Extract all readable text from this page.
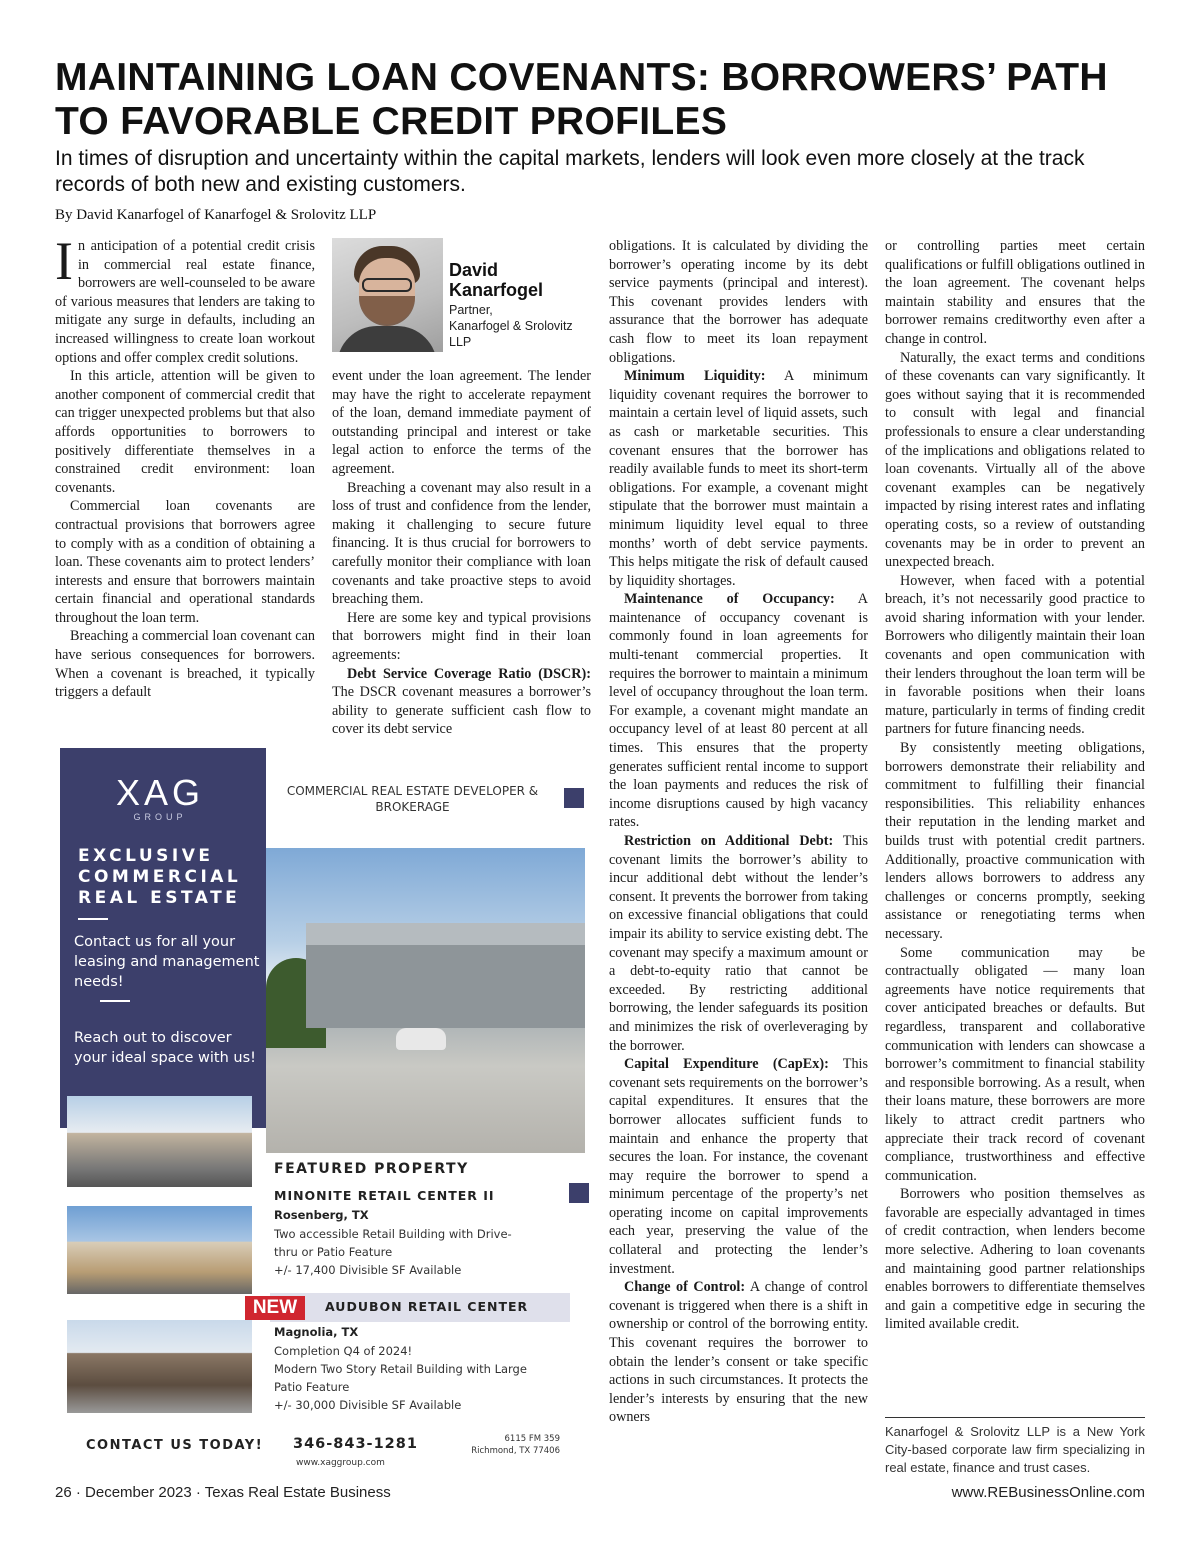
MAINTAINING LOAN COVENANTS: BORROWERS’ PATH
TO FAVORABLE CREDIT PROFILES
In times of disruption and uncertainty within the capital markets, lenders will look even more closely at the track records of both new and existing customers.
By David Kanarfogel of Kanarfogel & Srolovitz LLP

In anticipation of a potential credit crisis in commercial real estate finance, borrowers are well-counseled to be aware of various measures that lenders are taking to mitigate any surge in defaults, including an increased willingness to create loan workout options and offer complex credit solutions.

In this article, attention will be given to another component of commercial credit that can trigger unexpected problems but that also affords opportunities to borrowers to positively differentiate themselves in a constrained credit environment: loan covenants.

Commercial loan covenants are contractual provisions that borrowers agree to comply with as a condition of obtaining a loan. These covenants aim to protect lenders’ interests and ensure that borrowers maintain certain financial and operational standards throughout the loan term.

Breaching a commercial loan covenant can have serious consequences for borrowers. When a covenant is breached, it typically triggers a default

David
Kanarfogel
Partner,
Kanarfogel & Srolovitz LLP

event under the loan agreement. The lender may have the right to accelerate repayment of the loan, demand immediate payment of outstanding principal and interest or take legal action to enforce the terms of the agreement.

Breaching a covenant may also result in a loss of trust and confidence from the lender, making it challenging to secure future financing. It is thus crucial for borrowers to carefully monitor their compliance with loan covenants and take proactive steps to avoid breaching them.

Here are some key and typical provisions that borrowers might find in their loan agreements:

Debt Service Coverage Ratio (DSCR): The DSCR covenant measures a borrower’s ability to generate sufficient cash flow to cover its debt service

obligations. It is calculated by dividing the borrower’s operating income by its debt service payments (principal and interest). This covenant provides lenders with assurance that the borrower has adequate cash flow to meet its loan repayment obligations.

Minimum Liquidity: A minimum liquidity covenant requires the borrower to maintain a certain level of liquid assets, such as cash or marketable securities. This covenant ensures that the borrower has readily available funds to meet its short-term obligations. For example, a covenant might stipulate that the borrower must maintain a minimum liquidity level equal to three months’ worth of debt service payments. This helps mitigate the risk of default caused by liquidity shortages.

Maintenance of Occupancy: A maintenance of occupancy covenant is commonly found in loan agreements for multi-tenant commercial properties. It requires the borrower to maintain a minimum level of occupancy throughout the loan term. For example, a covenant might mandate an occupancy level of at least 80 percent at all times. This ensures that the property generates sufficient rental income to support the loan payments and reduces the risk of income disruptions caused by high vacancy rates.

Restriction on Additional Debt: This covenant limits the borrower’s ability to incur additional debt without the lender’s consent. It prevents the borrower from taking on excessive financial obligations that could impair its ability to service existing debt. The covenant may specify a maximum amount or a debt-to-equity ratio that cannot be exceeded. By restricting additional borrowing, the lender safeguards its position and minimizes the risk of overleveraging by the borrower.

Capital Expenditure (CapEx): This covenant sets requirements on the borrower’s capital expenditures. It ensures that the borrower allocates sufficient funds to maintain and enhance the property that secures the loan. For instance, the covenant may require the borrower to spend a minimum percentage of the property’s net operating income on capital improvements each year, preserving the value of the collateral and protecting the lender’s investment.

Change of Control: A change of control covenant is triggered when there is a shift in ownership or control of the borrowing entity. This covenant requires the borrower to obtain the lender’s consent or take specific actions in such circumstances. It protects the lender’s interests by ensuring that the new owners

or controlling parties meet certain qualifications or fulfill obligations outlined in the loan agreement. The covenant helps maintain stability and ensures that the borrower remains creditworthy even after a change in control.

Naturally, the exact terms and conditions of these covenants can vary significantly. It goes without saying that it is recommended to consult with legal and financial professionals to ensure a clear understanding of the implications and obligations related to loan covenants. Virtually all of the above covenant examples can be negatively impacted by rising interest rates and inflating operating costs, so a review of outstanding covenants may be in order to prevent an unexpected breach.

However, when faced with a potential breach, it’s not necessarily good practice to avoid sharing information with your lender. Borrowers who diligently maintain their loan covenants and open communication with their lenders throughout the loan term will be in favorable positions when their loans mature, particularly in terms of finding credit partners for future financing needs.

By consistently meeting obligations, borrowers demonstrate their reliability and commitment to fulfilling their financial responsibilities. This reliability enhances their reputation in the lending market and builds trust with potential credit partners. Additionally, proactive communication with lenders allows borrowers to address any challenges or concerns promptly, seeking assistance or renegotiating terms when necessary.

Some communication may be contractually obligated — many loan agreements have notice requirements that cover anticipated breaches or defaults. But regardless, transparent and collaborative communication with lenders can showcase a borrower’s commitment to financial stability and responsible borrowing. As a result, when their loans mature, these borrowers are more likely to attract credit partners who appreciate their track record of covenant compliance, trustworthiness and effective communication.

Borrowers who position themselves as favorable are especially advantaged in times of credit contraction, when lenders become more selective. Adhering to loan covenants and maintaining good partner relationships enables borrowers to differentiate themselves and gain a competitive edge in securing the limited available credit.

Kanarfogel & Srolovitz LLP is a New York City-based corporate law firm specializing in real estate, finance and trust cases.
XAG
GROUP
EXCLUSIVE COMMERCIAL REAL ESTATE
Contact us for all your leasing and management needs!
Reach out to discover your ideal space with us!
COMMERCIAL REAL ESTATE DEVELOPER & BROKERAGE
FEATURED PROPERTY
MINONITE RETAIL CENTER II
Rosenberg, TX
Two accessible Retail Building with Drive-thru or Patio Feature
+/- 17,400 Divisible SF Available
NEW	AUDUBON RETAIL CENTER
Magnolia, TX
Completion Q4 of 2024!
Modern Two Story Retail Building with Large Patio Feature
+/- 30,000 Divisible SF Available
CONTACT US TODAY! 346-843-1281
www.xaggroup.com
6115 FM 359
Richmond, TX 77406
26 · December 2023 · Texas Real Estate Business	www.REBusinessOnline.com
